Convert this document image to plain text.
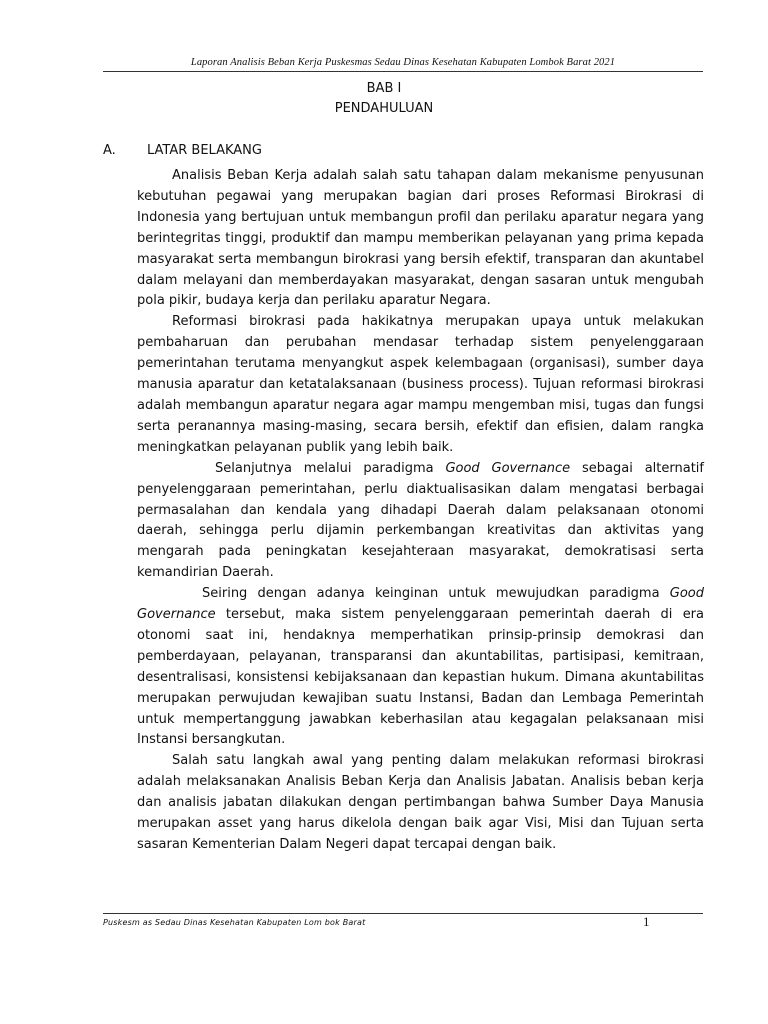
Laporan Analisis Beban Kerja Puskesmas Sedau Dinas Kesehatan Kabupaten Lombok Barat 2021
BAB I
PENDAHULUAN
A. LATAR BELAKANG

Analisis Beban Kerja adalah salah satu tahapan dalam mekanisme penyusunan kebutuhan pegawai yang merupakan bagian dari proses Reformasi Birokrasi di Indonesia yang bertujuan untuk membangun profil dan perilaku aparatur negara yang berintegritas tinggi, produktif dan mampu memberikan pelayanan yang prima kepada masyarakat serta membangun birokrasi yang bersih efektif, transparan dan akuntabel dalam melayani dan memberdayakan masyarakat, dengan sasaran untuk mengubah pola pikir, budaya kerja dan perilaku aparatur Negara.

Reformasi birokrasi pada hakikatnya merupakan upaya untuk melakukan pembaharuan dan perubahan mendasar terhadap sistem penyelenggaraan pemerintahan terutama menyangkut aspek kelembagaan (organisasi), sumber daya manusia aparatur dan ketatalaksanaan (business process). Tujuan reformasi birokrasi adalah membangun aparatur negara agar mampu mengemban misi, tugas dan fungsi serta peranannya masing-masing, secara bersih, efektif dan efisien, dalam rangka meningkatkan pelayanan publik yang lebih baik.

Selanjutnya melalui paradigma Good Governance sebagai alternatif penyelenggaraan pemerintahan, perlu diaktualisasikan dalam mengatasi berbagai permasalahan dan kendala yang dihadapi Daerah dalam pelaksanaan otonomi daerah, sehingga perlu dijamin perkembangan kreativitas dan aktivitas yang mengarah pada peningkatan kesejahteraan masyarakat, demokratisasi serta kemandirian Daerah.

Seiring dengan adanya keinginan untuk mewujudkan paradigma Good Governance tersebut, maka sistem penyelenggaraan pemerintah daerah di era otonomi saat ini, hendaknya memperhatikan prinsip-prinsip demokrasi dan pemberdayaan, pelayanan, transparansi dan akuntabilitas, partisipasi, kemitraan, desentralisasi, konsistensi kebijaksanaan dan kepastian hukum. Dimana akuntabilitas merupakan perwujudan kewajiban suatu Instansi, Badan dan Lembaga Pemerintah untuk mempertanggung jawabkan keberhasilan atau kegagalan pelaksanaan misi Instansi bersangkutan.

Salah satu langkah awal yang penting dalam melakukan reformasi birokrasi adalah melaksanakan Analisis Beban Kerja dan Analisis Jabatan. Analisis beban kerja dan analisis jabatan dilakukan dengan pertimbangan bahwa Sumber Daya Manusia merupakan asset yang harus dikelola dengan baik agar Visi, Misi dan Tujuan serta sasaran Kementerian Dalam Negeri dapat tercapai dengan baik.

Puskesm as Sedau Dinas Kesehatan Kabupaten Lom bok Barat	1
